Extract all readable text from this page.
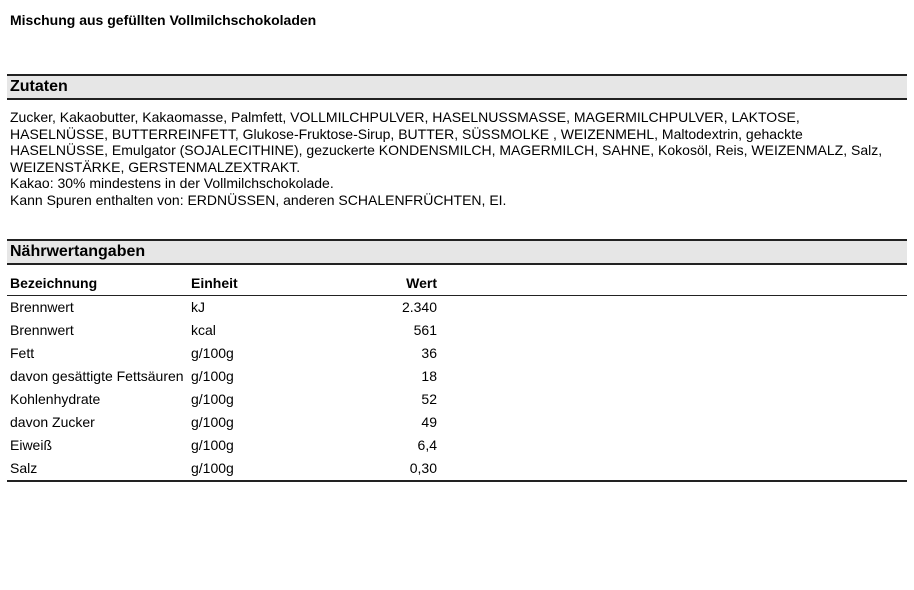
Mischung aus gefüllten Vollmilchschokoladen
Zutaten

Zucker, Kakaobutter, Kakaomasse, Palmfett, VOLLMILCHPULVER, HASELNUSSMASSE, MAGERMILCHPULVER, LAKTOSE, HASELNÜSSE, BUTTERREINFETT, Glukose-Fruktose-Sirup, BUTTER, SÜSSMOLKE , WEIZENMEHL, Maltodextrin, gehackte HASELNÜSSE, Emulgator (SOJALECITHINE), gezuckerte KONDENSMILCH, MAGERMILCH, SAHNE, Kokosöl, Reis, WEIZENMALZ, Salz, WEIZENSTÄRKE, GERSTENMALZEXTRAKT.

Kakao: 30% mindestens in der Vollmilchschokolade.

Kann Spuren enthalten von: ERDNÜSSEN, anderen SCHALENFRÜCHTEN, EI.

Nährwertangaben
Bezeichnung	Einheit	Wert	
Brennwert	kJ	2.340	
Brennwert	kcal	561	
Fett	g/100g	36	
davon gesättigte Fettsäuren	g/100g	18	
Kohlenhydrate	g/100g	52	
davon Zucker	g/100g	49	
Eiweiß	g/100g	6,4	
Salz	g/100g	0,30	
